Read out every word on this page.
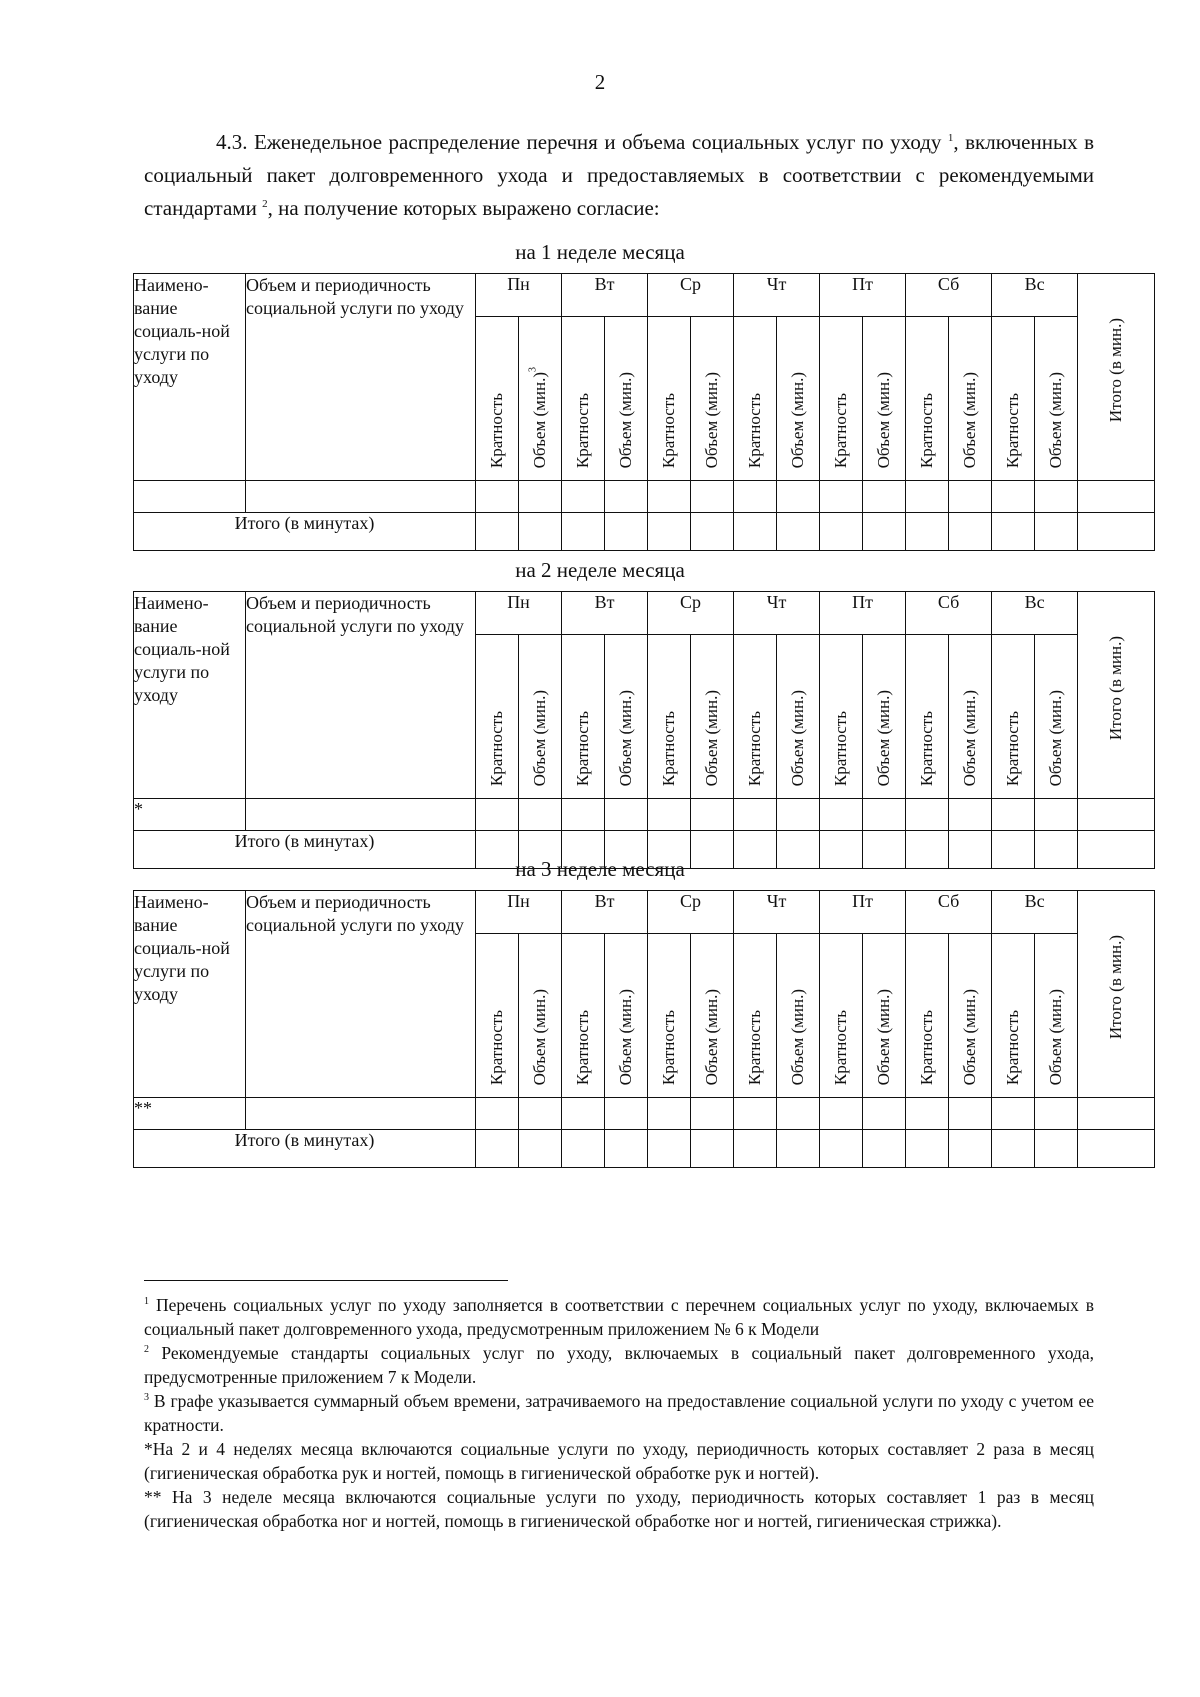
2
4.3. Еженедельное распределение перечня и объема социальных услуг по уходу $^1$, включенных в социальный пакет долговременного ухода и предоставляемых в соответствии с рекомендуемыми стандартами $^2$, на получение которых выражено согласие:
на 1 неделе месяца
Наимено-вание социаль-ной услуги по уходу	Объем и периодичность социальной услуги по уходу	Пн		Вт		Ср		Чт		Пт		Сб		Вс		Итого (в мин.)

		Кратность	Объем $(мин.)^3$	Кратность	Объем (мин.)	Кратность	Объем (мин.)	Кратность	Объем (мин.)	Кратность	Объем (мин.)	Кратность	Объем (мин.)	Кратность	Объем (мин.)	

Итого (в минутах)																
на 2 неделе месяца
Наимено-вание социаль-ной услуги по уходу	Объем и периодичность социальной услуги по уходу	Пн		Вт		Ср		Чт		Пт		Сб		Вс		Итого (в мин.)

		Кратность	Объем (мин.)	Кратность	Объем (мин.)	Кратность	Объем (мин.)	Кратность	Объем (мин.)	Кратность	Объем (мин.)	Кратность	Объем (мин.)	Кратность	Объем (мин.)	

*																
Итого (в минутах)																
на 3 неделе месяца
Наимено-вание социаль-ной услуги по уходу	Объем и периодичность социальной услуги по уходу	Пн		Вт		Ср		Чт		Пт		Сб		Вс		Итого (в мин.)

		Кратность	Объем (мин.)	Кратность	Объем (мин.)	Кратность	Объем (мин.)	Кратность	Объем (мин.)	Кратность	Объем (мин.)	Кратность	Объем (мин.)	Кратность	Объем (мин.)	

**																
Итого (в минутах)																

$^1$ Перечень социальных услуг по уходу заполняется в соответствии с перечнем социальных услуг по уходу, включаемых в социальный пакет долговременного ухода, предусмотренным приложением № 6 к Модели

$^2$ Рекомендуемые стандарты социальных услуг по уходу, включаемых в социальный пакет долговременного ухода, предусмотренные приложением 7 к Модели.

$^3$ В графе указывается суммарный объем времени, затрачиваемого на предоставление социальной услуги по уходу с учетом ее кратности.

*На 2 и 4 неделях месяца включаются социальные услуги по уходу, периодичность которых составляет 2 раза в месяц (гигиеническая обработка рук и ногтей, помощь в гигиенической обработке рук и ногтей).

** На 3 неделе месяца включаются социальные услуги по уходу, периодичность которых составляет 1 раз в месяц (гигиеническая обработка ног и ногтей, помощь в гигиенической обработке ног и ногтей, гигиеническая стрижка).
